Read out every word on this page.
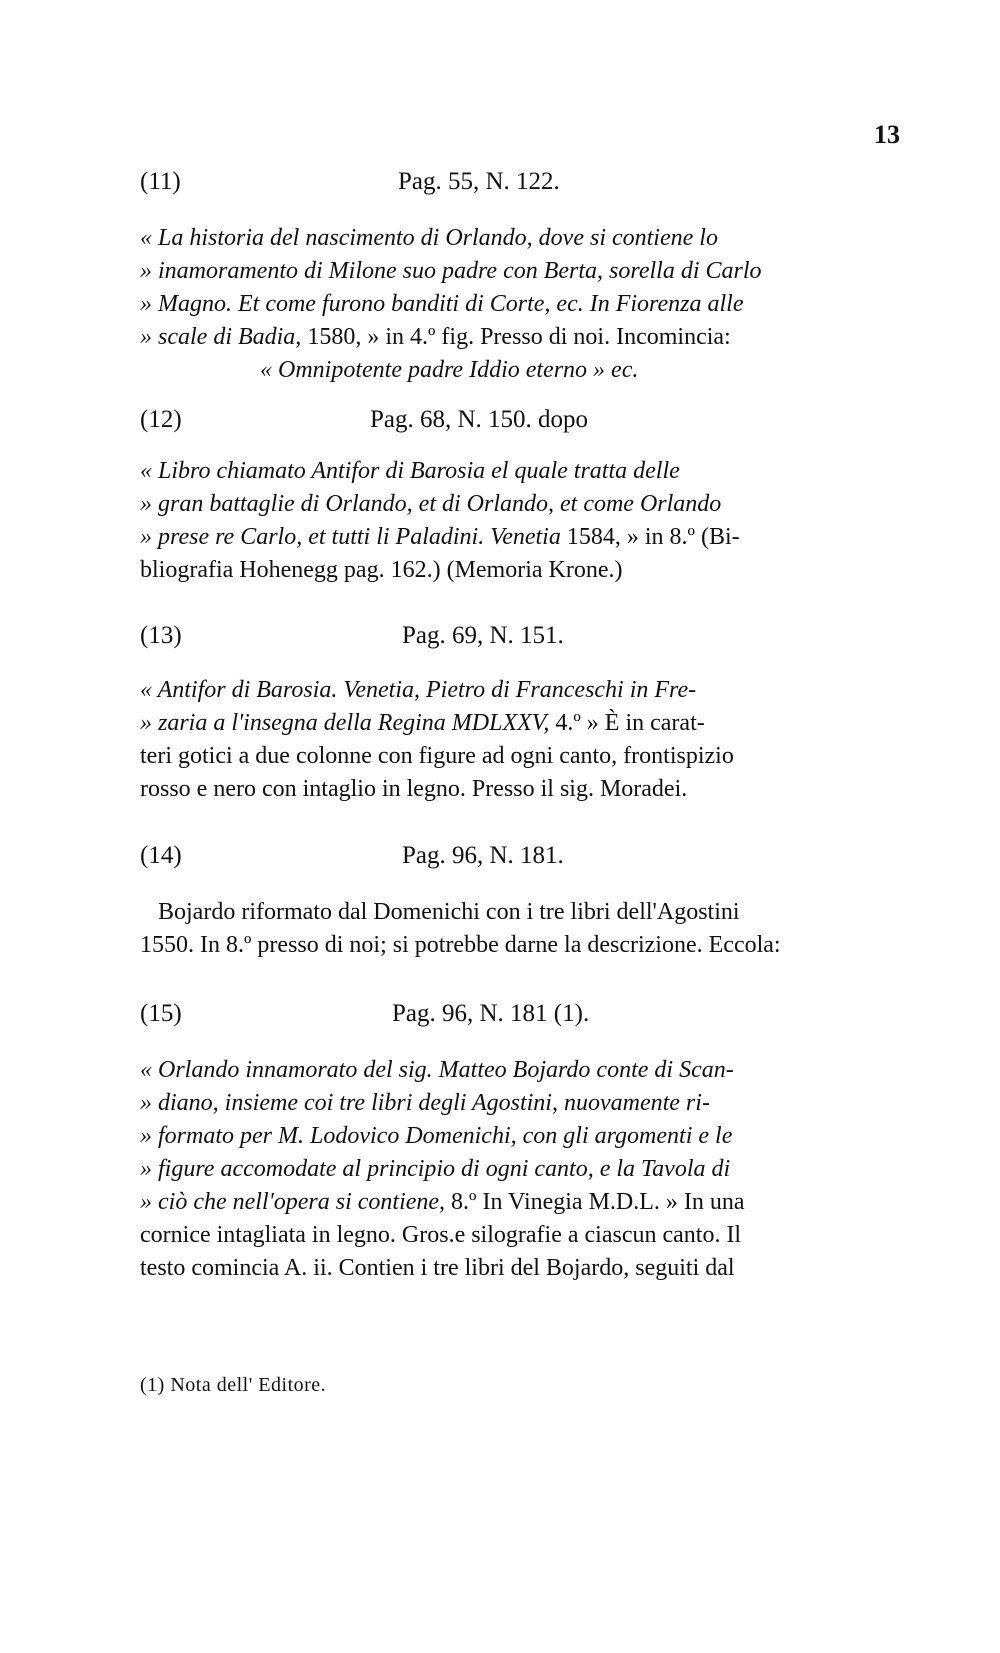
13
(11)	Pag. 55, N. 122.
« La historia del nascimento di Orlando, dove si contiene lo
» inamoramento di Milone suo padre con Berta, sorella di Carlo
» Magno. Et come furono banditi di Corte, ec. In Fiorenza alle
» scale di Badia, 1580, » in 4.º fig. Presso di noi. Incomincia:
« Omnipotente padre Iddio eterno » ec.
(12)	Pag. 68, N. 150. dopo
« Libro chiamato Antifor di Barosia el quale tratta delle
» gran battaglie di Orlando, et di Orlando, et come Orlando
» prese re Carlo, et tutti li Paladini. Venetia 1584, » in 8.º (Bi-
bliografia Hohenegg pag. 162.) (Memoria Krone.)
(13)	Pag. 69, N. 151.
« Antifor di Barosia. Venetia, Pietro di Franceschi in Fre-
» zaria a l'insegna della Regina MDLXXV, 4.º » È in carat-
teri gotici a due colonne con figure ad ogni canto, frontispizio
rosso e nero con intaglio in legno. Presso il sig. Moradei.
(14)	Pag. 96, N. 181.
Bojardo riformato dal Domenichi con i tre libri dell'Agostini
1550. In 8.º presso di noi; si potrebbe darne la descrizione. Eccola:
(15)	Pag. 96, N. 181 (1).
« Orlando innamorato del sig. Matteo Bojardo conte di Scan-
» diano, insieme coi tre libri degli Agostini, nuovamente ri-
» formato per M. Lodovico Domenichi, con gli argomenti e le
» figure accomodate al principio di ogni canto, e la Tavola di
» ciò che nell'opera si contiene, 8.º In Vinegia M.D.L. » In una
cornice intagliata in legno. Gros.e silografie a ciascun canto. Il
testo comincia A. ii. Contien i tre libri del Bojardo, seguiti dal
(1) Nota dell' Editore.
